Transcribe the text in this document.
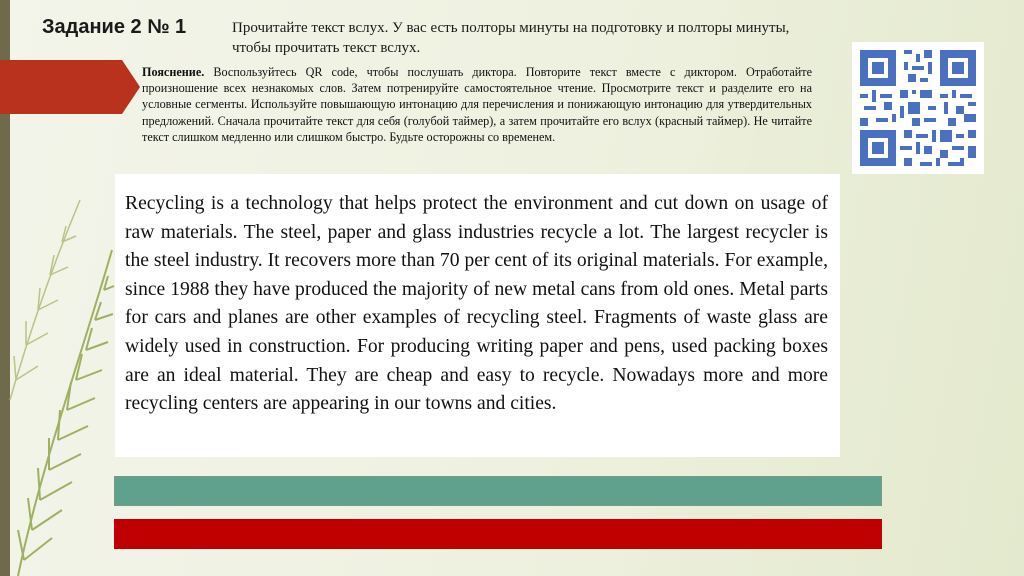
Задание 2 № 1	Прочитайте текст вслух. У вас есть полторы минуты на подготовку и полторы минуты, чтобы прочитать текст вслух.
Пояснение. Воспользуйтесь QR code, чтобы послушать диктора. Повторите текст вместе с диктором. Отработайте произношение всех незнакомых слов. Затем потренируйте самостоятельное чтение. Просмотрите текст и разделите его на условные сегменты. Используйте повышающую интонацию для перечисления и понижающую интонацию для утвердительных предложений. Сначала прочитайте текст для себя (голубой таймер), а затем прочитайте его вслух (красный таймер). Не читайте текст слишком медленно или слишком быстро. Будьте осторожны со временем.

Recycling is a technology that helps protect the environment and cut down on usage of raw materials. The steel, paper and glass industries recycle a lot. The largest recycler is the steel industry. It recovers more than 70 per cent of its original materials. For example, since 1988 they have produced the majority of new metal cans from old ones. Metal parts for cars and planes are other examples of recycling steel. Fragments of waste glass are widely used in construction. For producing writing paper and pens, used packing boxes are an ideal material. They are cheap and easy to recycle. Nowadays more and more recycling centers are appearing in our towns and cities.
